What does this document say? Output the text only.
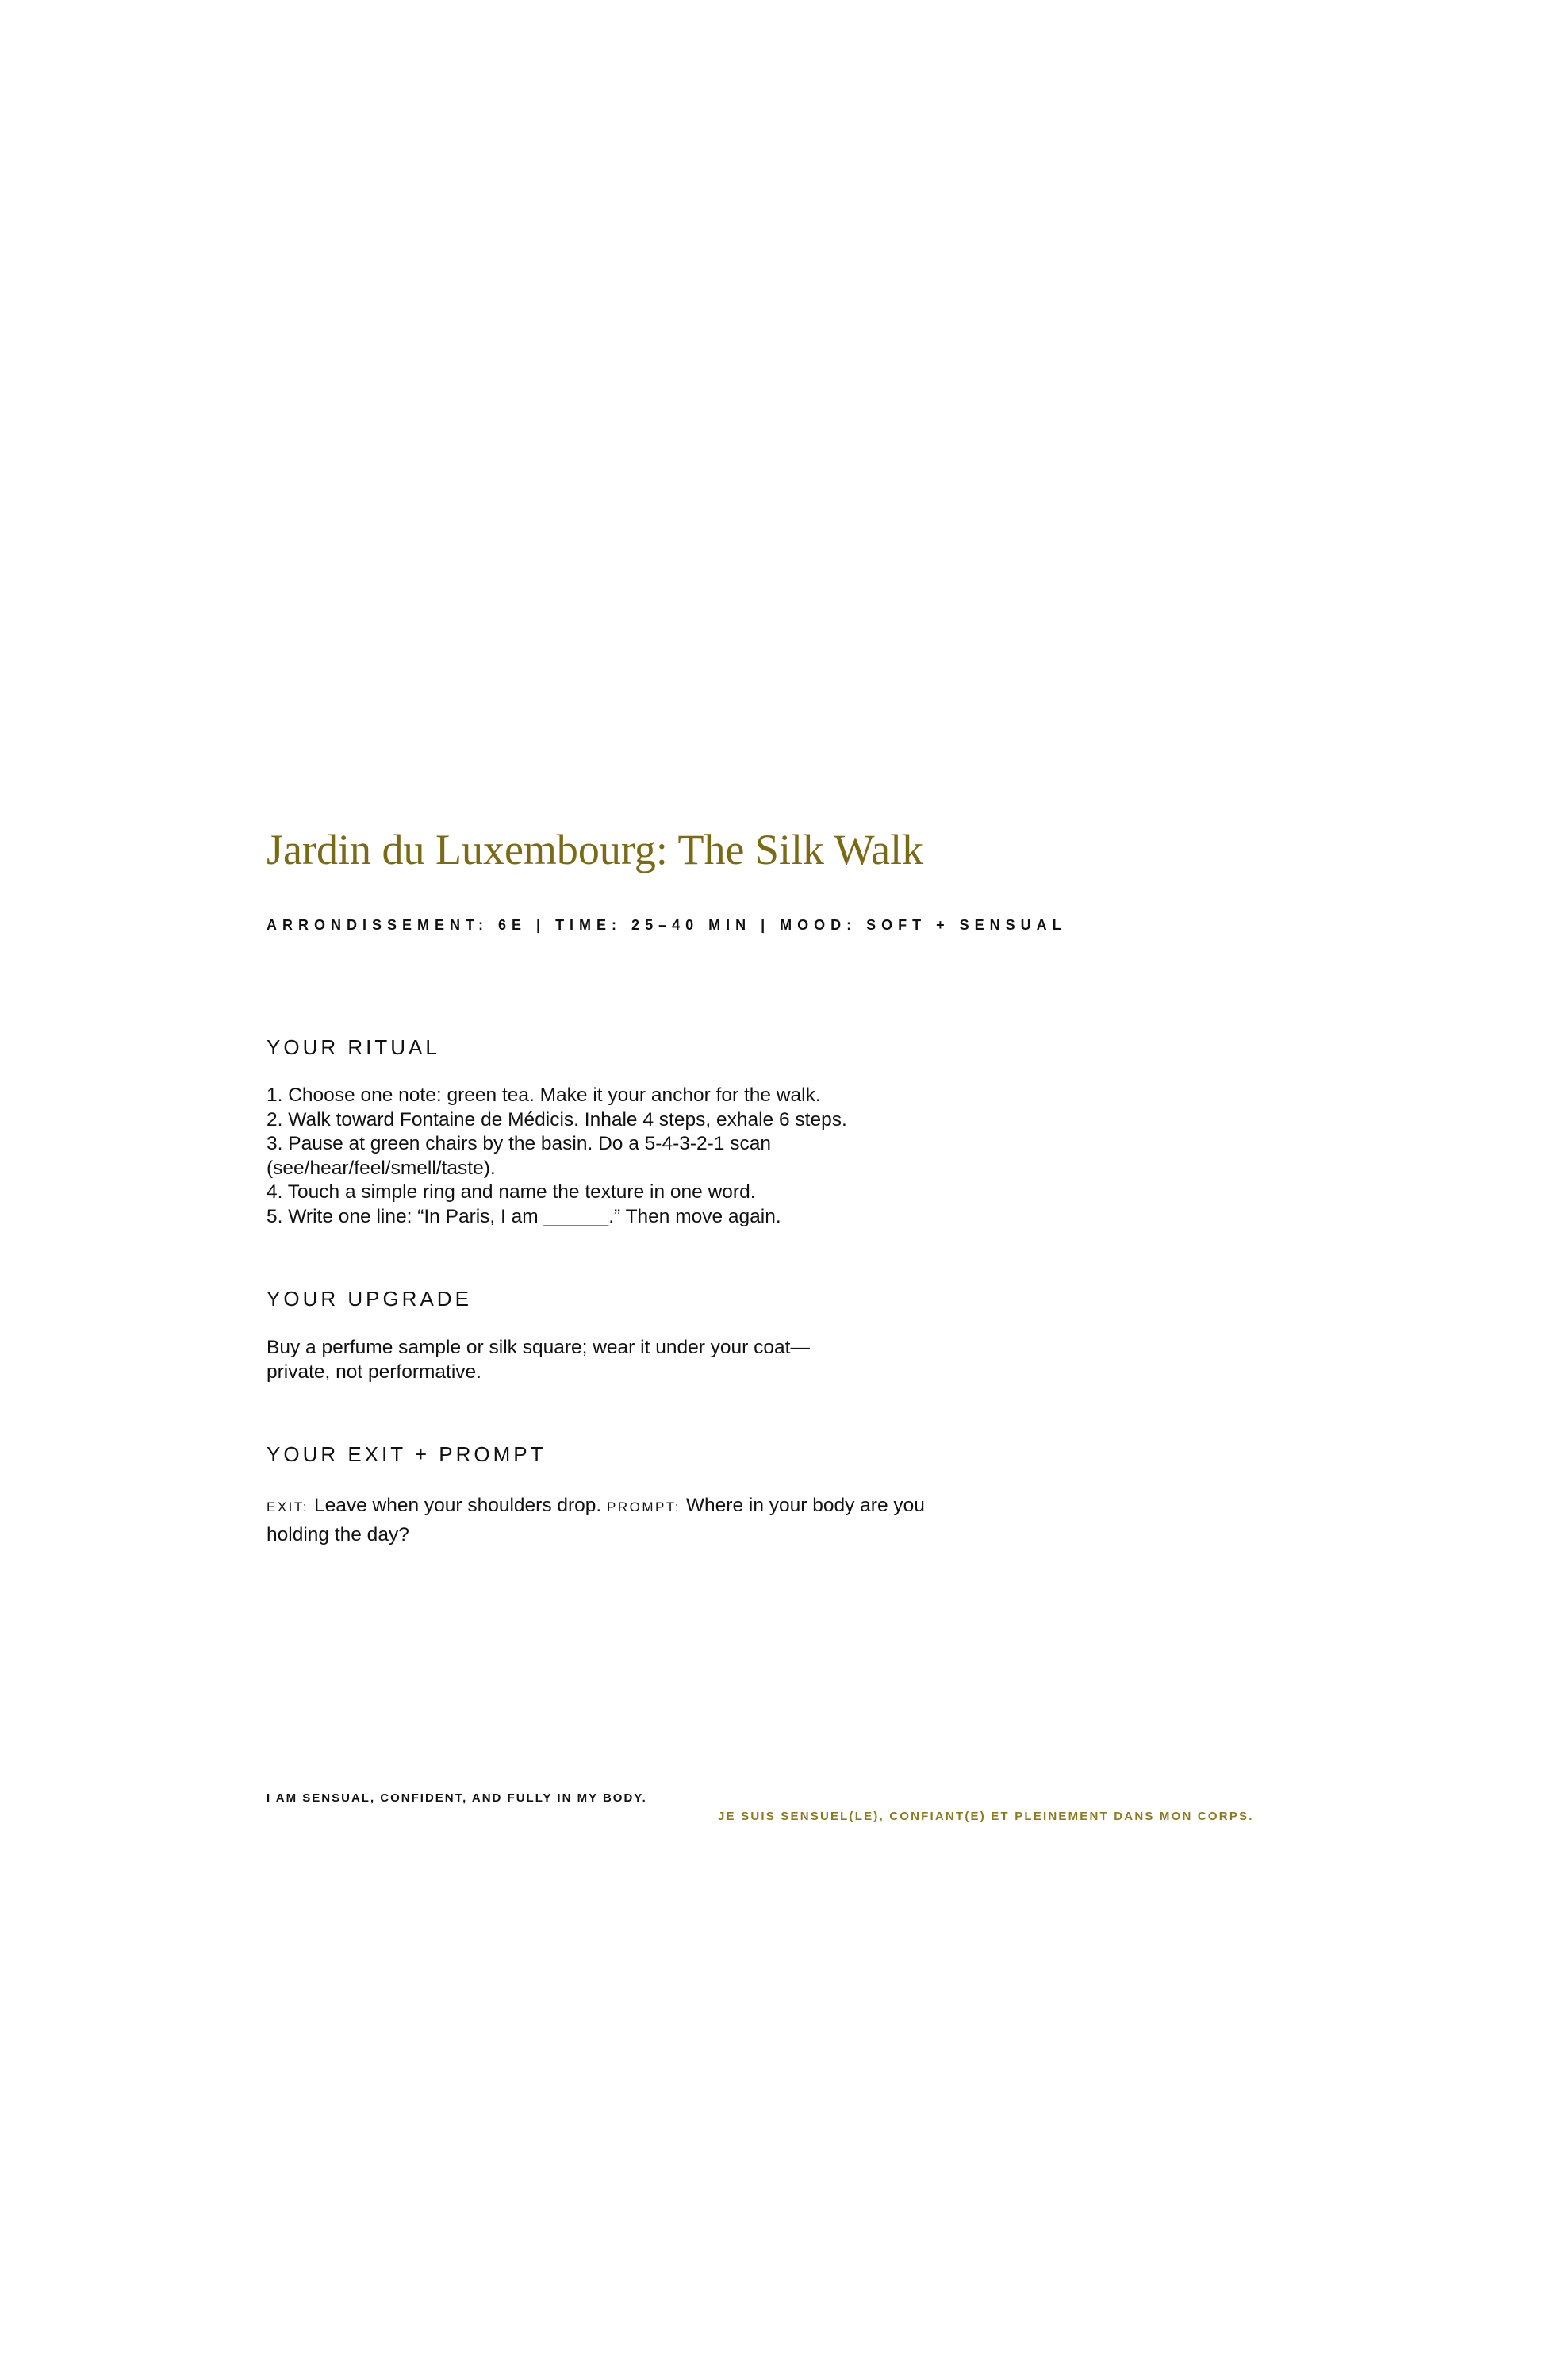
Jardin du Luxembourg: The Silk Walk
ARRONDISSEMENT: 6E | TIME: 25–40 MIN | MOOD: SOFT + SENSUAL
YOUR RITUAL
1. Choose one note: green tea. Make it your anchor for the walk.
2. Walk toward Fontaine de Médicis. Inhale 4 steps, exhale 6 steps.
3. Pause at green chairs by the basin. Do a 5-4-3-2-1 scan (see/hear/feel/smell/taste).
4. Touch a simple ring and name the texture in one word.
5. Write one line: “In Paris, I am ______.” Then move again.
YOUR UPGRADE

Buy a perfume sample or silk square; wear it under your coat—private, not performative.

YOUR EXIT + PROMPT

EXIT: Leave when your shoulders drop. PROMPT: Where in your body are you holding the day?

I AM SENSUAL, CONFIDENT, AND FULLY IN MY BODY.
JE SUIS SENSUEL(LE), CONFIANT(E) ET PLEINEMENT DANS MON CORPS.
